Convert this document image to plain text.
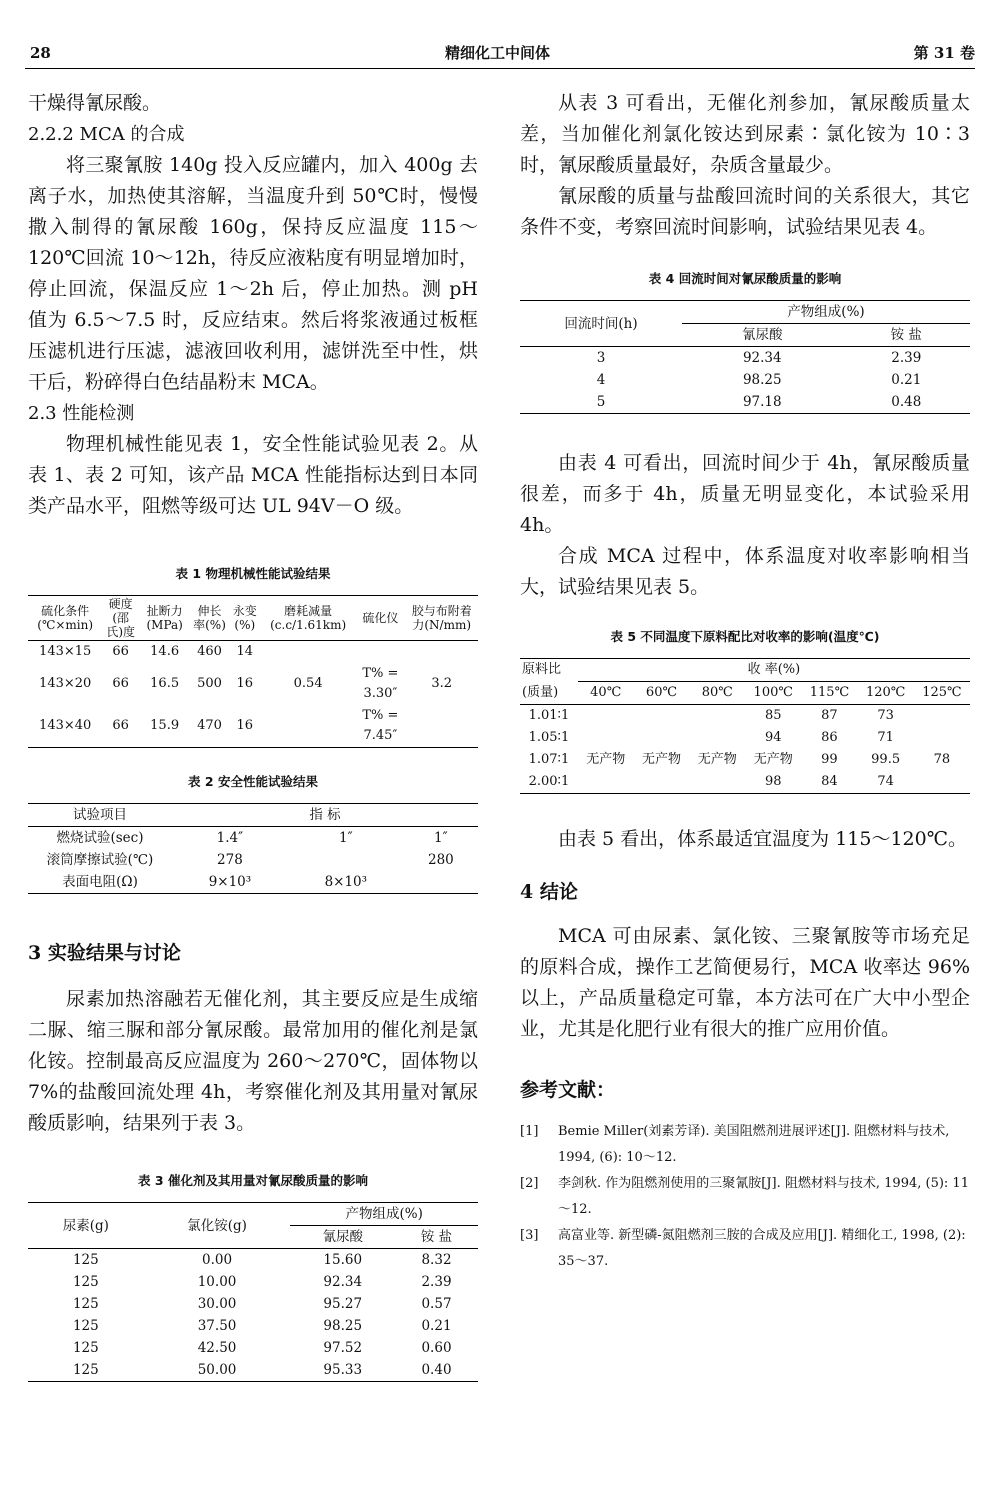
28	精细化工中间体	第 31 卷

干燥得氰尿酸。

2.2.2 MCA 的合成

将三聚氰胺 140g 投入反应罐内，加入 400g 去离子水，加热使其溶解，当温度升到 50℃时，慢慢撒入制得的氰尿酸 160g，保持反应温度 115～120℃回流 10～12h，待反应液粘度有明显增加时，停止回流，保温反应 1～2h 后，停止加热。测 pH 值为 6.5～7.5 时，反应结束。然后将浆液通过板框压滤机进行压滤，滤液回收利用，滤饼洗至中性，烘干后，粉碎得白色结晶粉末 MCA。

2.3 性能检测

物理机械性能见表 1，安全性能试验见表 2。从表 1、表 2 可知，该产品 MCA 性能指标达到日本同类产品水平，阻燃等级可达 UL 94V－O 级。

表 1 物理机械性能试验结果

硫化条件(℃×min)	硬度(邵氏)度	扯断力(MPa)	伸长率(%)	永变(%)	磨耗减量(c.c/1.61km)	硫化仪	胶与布附着力(N/mm)
143×15	66	14.6	460	14			
143×20	66	16.5	500	16	0.54	T% = 3.30″	3.2
143×40	66	15.9	470	16		T% = 7.45″	

表 2 安全性能试验结果

试验项目	指 标		
燃烧试验(sec)	1.4″	1″	1″
滚筒摩擦试验(℃)	278		280
表面电阻(Ω)	9×10³	8×10³	
3 实验结果与讨论

尿素加热溶融若无催化剂，其主要反应是生成缩二脲、缩三脲和部分氰尿酸。最常加用的催化剂是氯化铵。控制最高反应温度为 260～270℃，固体物以 7%的盐酸回流处理 4h，考察催化剂及其用量对氰尿酸质影响，结果列于表 3。

表 3 催化剂及其用量对氰尿酸质量的影响

尿素(g)	氯化铵(g)	产物组成(%)	
		氰尿酸	铵 盐
125	0.00	15.60	8.32
125	10.00	92.34	2.39
125	30.00	95.27	0.57
125	37.50	98.25	0.21
125	42.50	97.52	0.60
125	50.00	95.33	0.40

从表 3 可看出，无催化剂参加，氰尿酸质量太差，当加催化剂氯化铵达到尿素∶氯化铵为 10∶3 时，氰尿酸质量最好，杂质含量最少。

氰尿酸的质量与盐酸回流时间的关系很大，其它条件不变，考察回流时间影响，试验结果见表 4。

表 4 回流时间对氰尿酸质量的影响

回流时间(h)	产物组成(%)	
	氰尿酸	铵 盐
3	92.34	2.39
4	98.25	0.21
5	97.18	0.48

由表 4 可看出，回流时间少于 4h，氰尿酸质量很差，而多于 4h，质量无明显变化，本试验采用 4h。

合成 MCA 过程中，体系温度对收率影响相当大，试验结果见表 5。

表 5 不同温度下原料配比对收率的影响(温度℃)

原料比	收 率(%)						
(质量)	40℃	60℃	80℃	100℃	115℃	120℃	125℃
1.01∶1				85	87	73	
1.05∶1				94	86	71	
1.07∶1	无产物	无产物	无产物	无产物	99	99.5	78
2.00∶1				98	84	74	

由表 5 看出，体系最适宜温度为 115～120℃。

4 结论

MCA 可由尿素、氯化铵、三聚氰胺等市场充足的原料合成，操作工艺简便易行，MCA 收率达 96%以上，产品质量稳定可靠，本方法可在广大中小型企业，尤其是化肥行业有很大的推广应用价值。

参考文献：
[1] Bemie Miller(刘素芳译). 美国阻燃剂进展评述[J]. 阻燃材料与技术, 1994, (6): 10～12.
[2] 李剑秋. 作为阻燃剂使用的三聚氰胺[J]. 阻燃材料与技术, 1994, (5): 11～12.
[3] 高富业等. 新型磷-氮阻燃剂三胺的合成及应用[J]. 精细化工, 1998, (2): 35～37.
